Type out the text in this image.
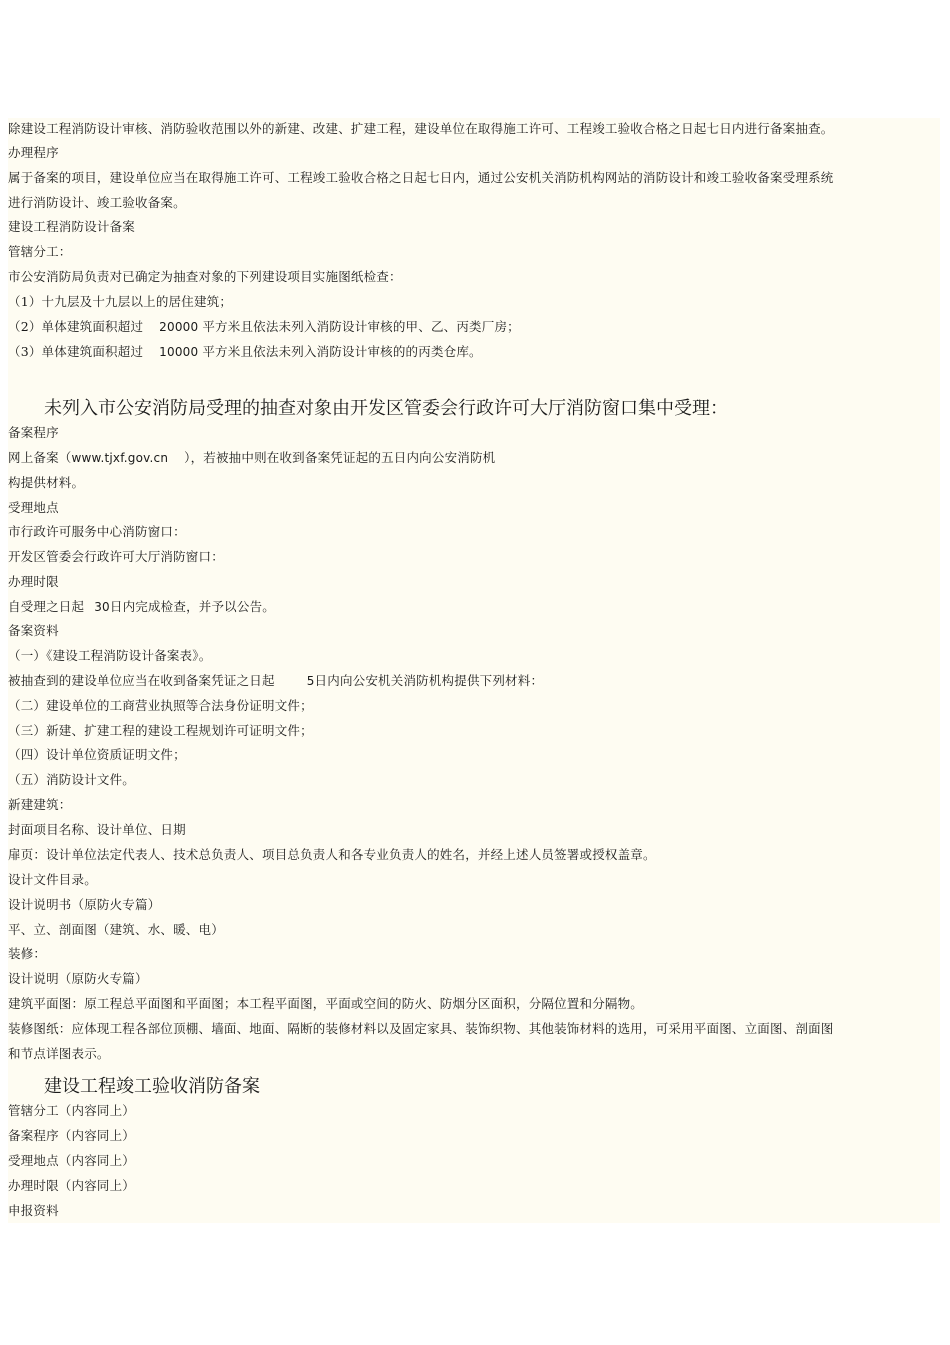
除建设工程消防设计审核、消防验收范围以外的新建、改建、扩建工程，建设单位在取得施工许可、工程竣工验收合格之日起七日内进行备案抽查。
办理程序
属于备案的项目，建设单位应当在取得施工许可、工程竣工验收合格之日起七日内，通过公安机关消防机构网站的消防设计和竣工验收备案受理系统
进行消防设计、竣工验收备案。
建设工程消防设计备案
管辖分工：
市公安消防局负责对已确定为抽查对象的下列建设项目实施图纸检查：
（1）十九层及十九层以上的居住建筑；
（2）单体建筑面积超过 20000 平方米且依法未列入消防设计审核的甲、乙、丙类厂房；
（3）单体建筑面积超过 10000 平方米且依法未列入消防设计审核的的丙类仓库。
未列入市公安消防局受理的抽查对象由开发区管委会行政许可大厅消防窗口集中受理：
备案程序
网上备案（www.tjxf.gov.cn ），若被抽中则在收到备案凭证起的五日内向公安消防机
构提供材料。
受理地点
市行政许可服务中心消防窗口：
开发区管委会行政许可大厅消防窗口：
办理时限
自受理之日起 30日内完成检查，并予以公告。
备案资料
（一）《建设工程消防设计备案表》。
被抽查到的建设单位应当在收到备案凭证之日起	5日内向公安机关消防机构提供下列材料：
（二）建设单位的工商营业执照等合法身份证明文件；
（三）新建、扩建工程的建设工程规划许可证明文件；
（四）设计单位资质证明文件；
（五）消防设计文件。
新建建筑：
封面项目名称、设计单位、日期
扉页：设计单位法定代表人、技术总负责人、项目总负责人和各专业负责人的姓名，并经上述人员签署或授权盖章。
设计文件目录。
设计说明书（原防火专篇）
平、立、剖面图（建筑、水、暖、电）
装修：
设计说明（原防火专篇）
建筑平面图：原工程总平面图和平面图；本工程平面图，平面或空间的防火、防烟分区面积，分隔位置和分隔物。
装修图纸：应体现工程各部位顶棚、墙面、地面、隔断的装修材料以及固定家具、装饰织物、其他装饰材料的选用，可采用平面图、立面图、剖面图
和节点详图表示。
建设工程竣工验收消防备案
管辖分工（内容同上）
备案程序（内容同上）
受理地点（内容同上）
办理时限（内容同上）
申报资料
